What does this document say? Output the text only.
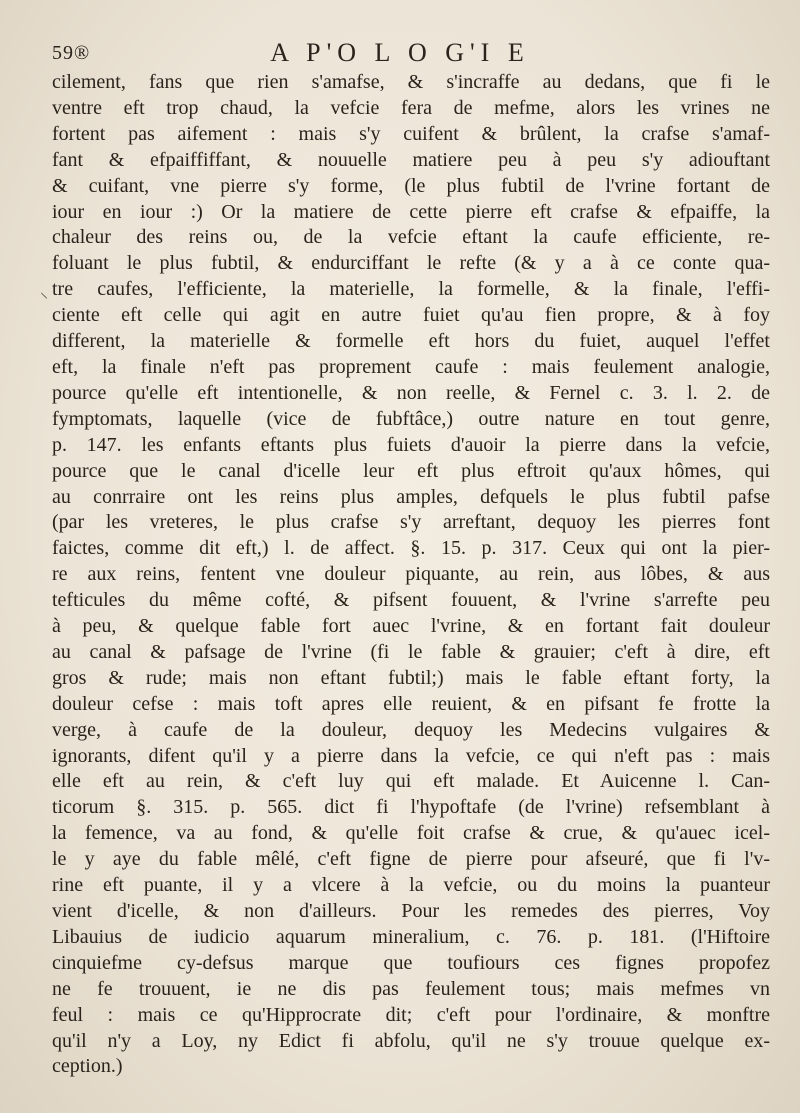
59®	A P'O L O G'I E
⸌
cilement, fans que rien s'amafse, & s'incraffe au dedans, que fi le
ventre eft trop chaud, la vefcie fera de mefme, alors les vrines ne
fortent pas aifement : mais s'y cuifent & brûlent, la crafse s'amaf-
fant & efpaiffiffant, & nouuelle matiere peu à peu s'y adiouftant
& cuifant, vne pierre s'y forme, (le plus fubtil de l'vrine fortant de
iour en iour :) Or la matiere de cette pierre eft crafse & efpaiffe, la
chaleur des reins ou, de la vefcie eftant la caufe efficiente, re-
foluant le plus fubtil, & endurciffant le refte (& y a à ce conte qua-
tre caufes, l'efficiente, la materielle, la formelle, & la finale, l'effi-
ciente eft celle qui agit en autre fuiet qu'au fien propre, & à foy
different, la materielle & formelle eft hors du fuiet, auquel l'effet
eft, la finale n'eft pas proprement caufe : mais feulement analogie,
pource qu'elle eft intentionelle, & non reelle, & Fernel c. 3. l. 2. de
fymptomats, laquelle (vice de fubftâce,) outre nature en tout genre,
p. 147. les enfants eftants plus fuiets d'auoir la pierre dans la vefcie,
pource que le canal d'icelle leur eft plus eftroit qu'aux hômes, qui
au conrraire ont les reins plus amples, defquels le plus fubtil pafse
(par les vreteres, le plus crafse s'y arreftant, dequoy les pierres font
faictes, comme dit eft,) l. de affect. §. 15. p. 317. Ceux qui ont la pier-
re aux reins, fentent vne douleur piquante, au rein, aus lôbes, & aus
tefticules du même cofté, & pifsent fouuent, & l'vrine s'arrefte peu
à peu, & quelque fable fort auec l'vrine, & en fortant fait douleur
au canal & pafsage de l'vrine (fi le fable & grauier; c'eft à dire, eft
gros & rude; mais non eftant fubtil;) mais le fable eftant forty, la
douleur cefse : mais toft apres elle reuient, & en pifsant fe frotte la
verge, à caufe de la douleur, dequoy les Medecins vulgaires &
ignorants, difent qu'il y a pierre dans la vefcie, ce qui n'eft pas : mais
elle eft au rein, & c'eft luy qui eft malade. Et Auicenne l. Can-
ticorum §. 315. p. 565. dict fi l'hypoftafe (de l'vrine) refsemblant à
la femence, va au fond, & qu'elle foit crafse & crue, & qu'auec icel-
le y aye du fable mêlé, c'eft figne de pierre pour afseuré, que fi l'v-
rine eft puante, il y a vlcere à la vefcie, ou du moins la puanteur
vient d'icelle, & non d'ailleurs. Pour les remedes des pierres, Voy
Libauius de iudicio aquarum mineralium, c. 76. p. 181. (l'Hiftoire
cinquiefme cy-defsus marque que toufiours ces fignes propofez
ne fe trouuent, ie ne dis pas feulement tous; mais mefmes vn
feul : mais ce qu'Hipprocrate dit; c'eft pour l'ordinaire, & monftre
qu'il n'y a Loy, ny Edict fi abfolu, qu'il ne s'y trouue quelque ex-
ception.)
